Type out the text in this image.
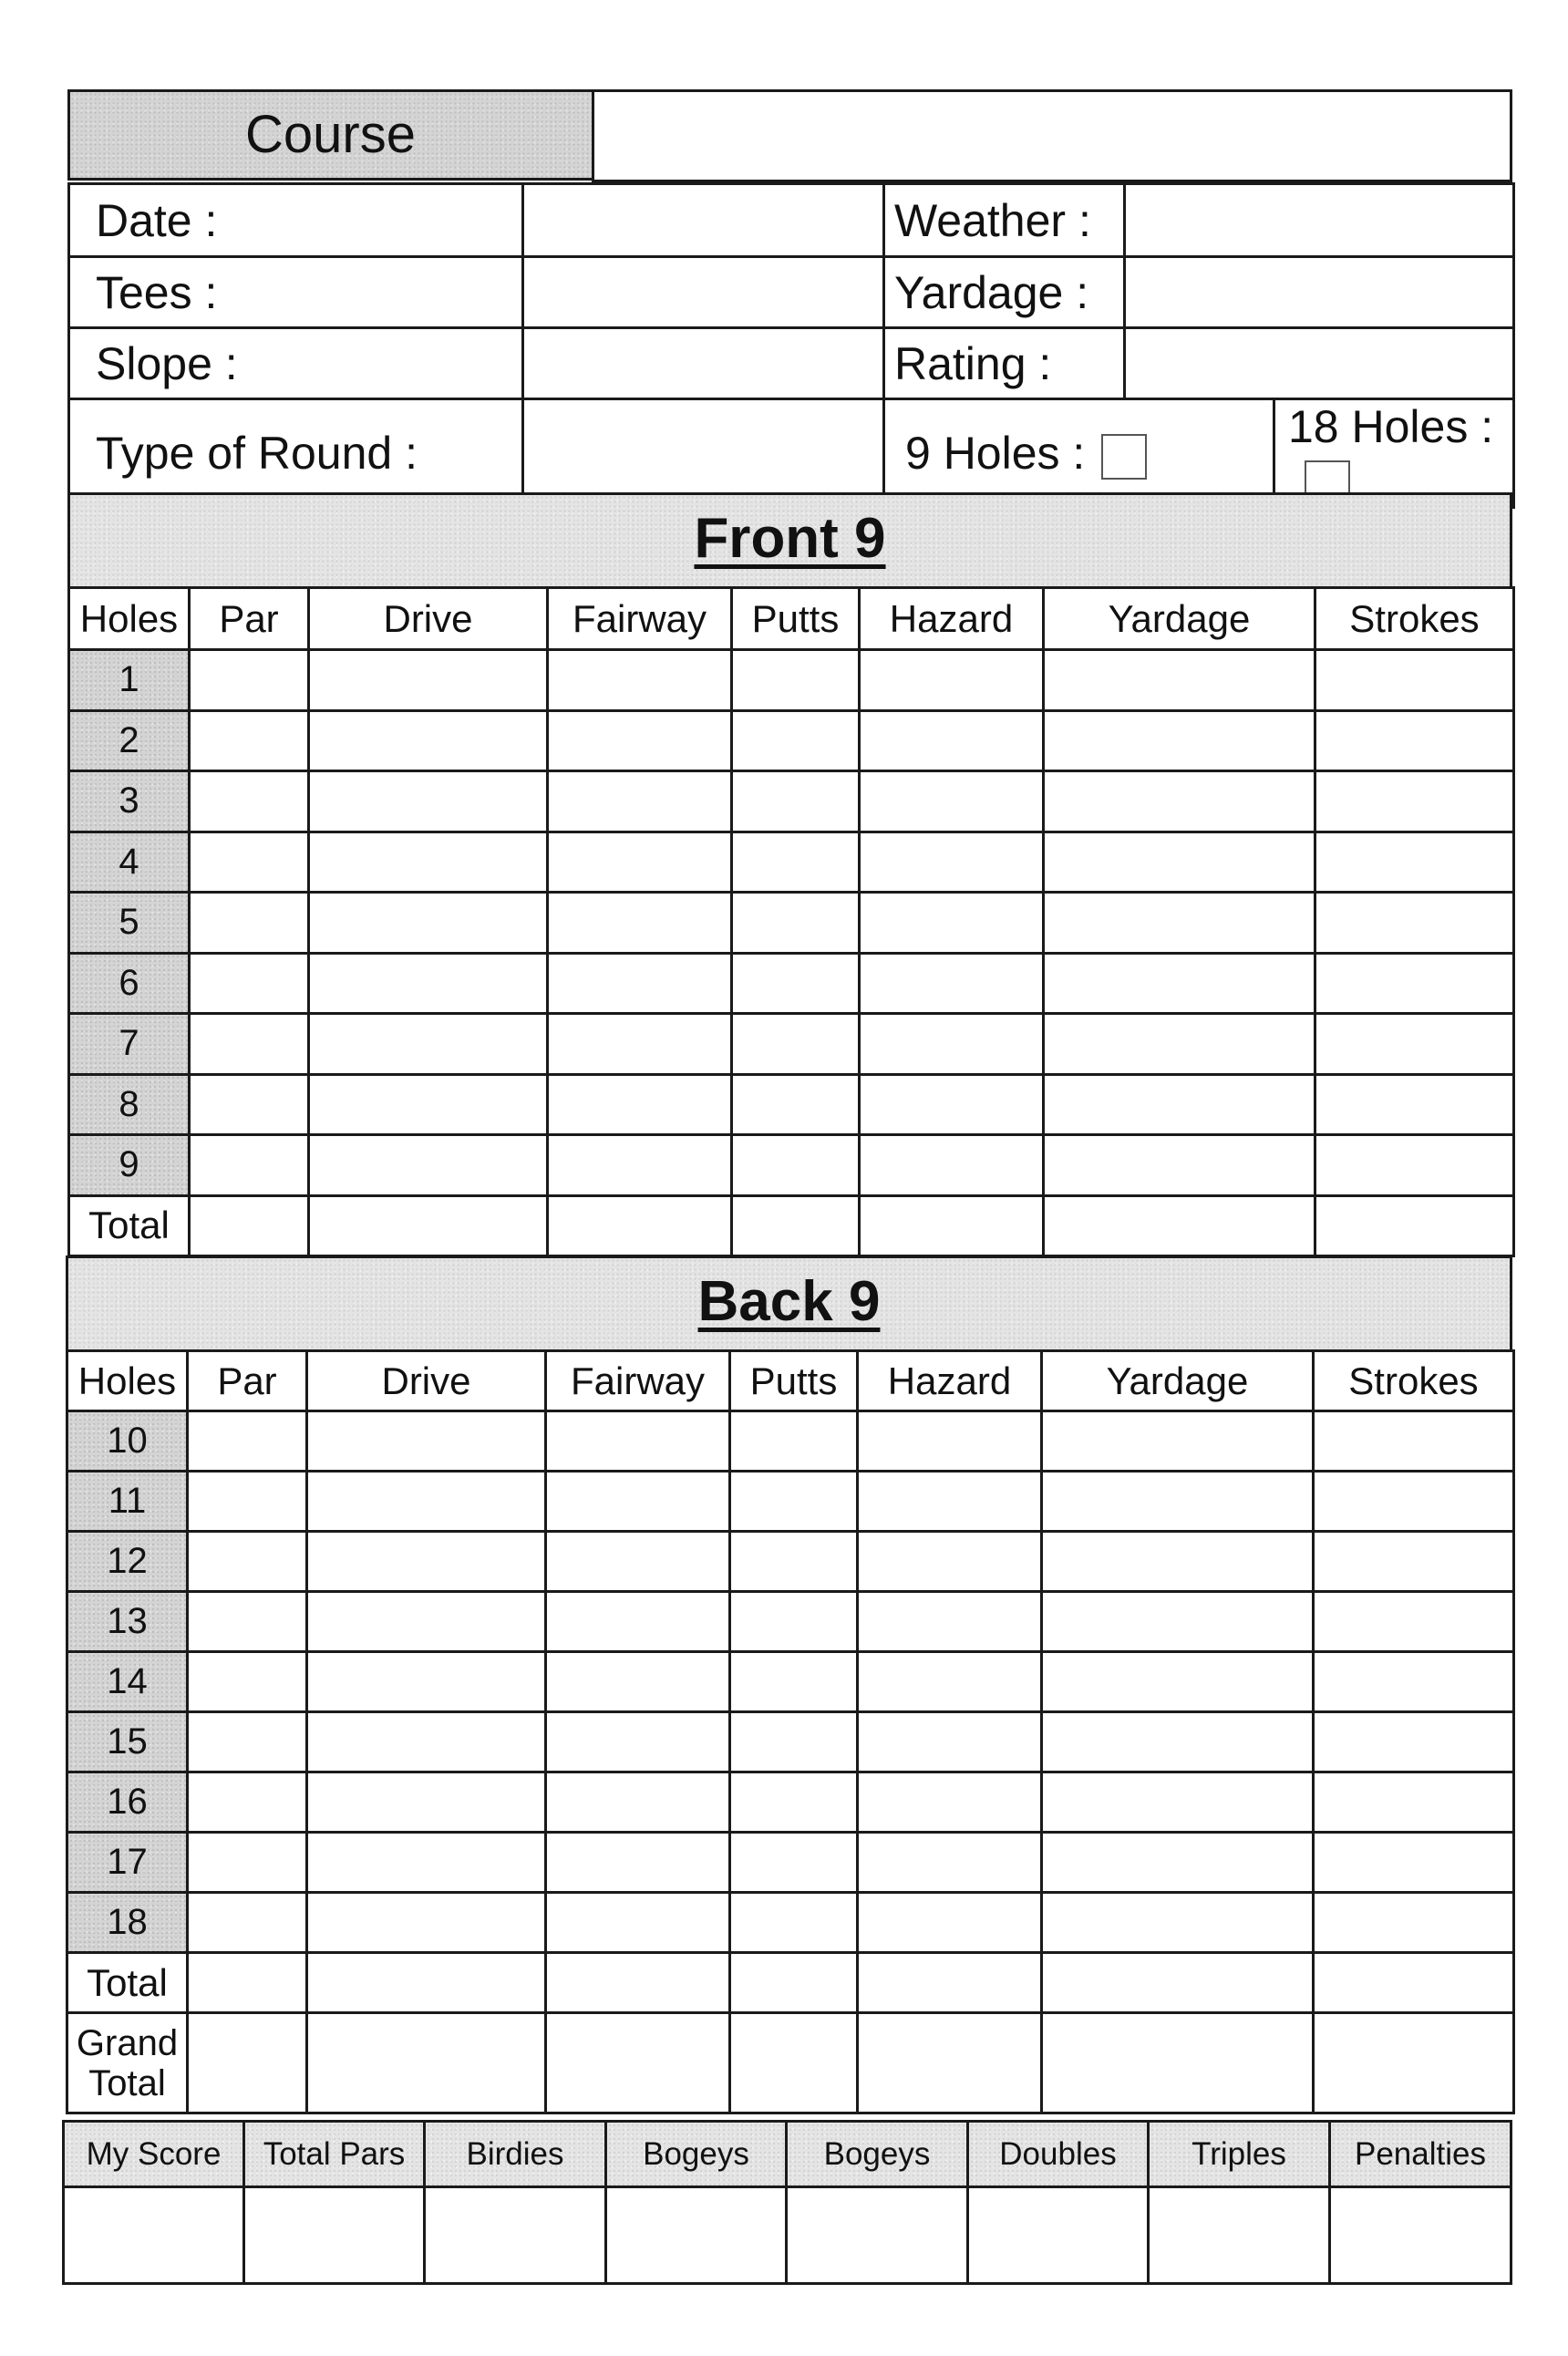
Course
Date :		Weather :		
Tees :		Yardage :		
Slope :		Rating :		
Type of Round :		9 Holes :		18 Holes :
Front 9
Holes	Par	Drive	Fairway	Putts	Hazard	Yardage	Strokes
1							
2							
3							
4							
5							
6							
7							
8							
9							
Total							
Back 9
Holes	Par	Drive	Fairway	Putts	Hazard	Yardage	Strokes
10							
11							
12							
13							
14							
15							
16							
17							
18							
Total							

Grand
Total							

My Score	Total Pars	Birdies	Bogeys	Bogeys	Doubles	Triples	Penalties
